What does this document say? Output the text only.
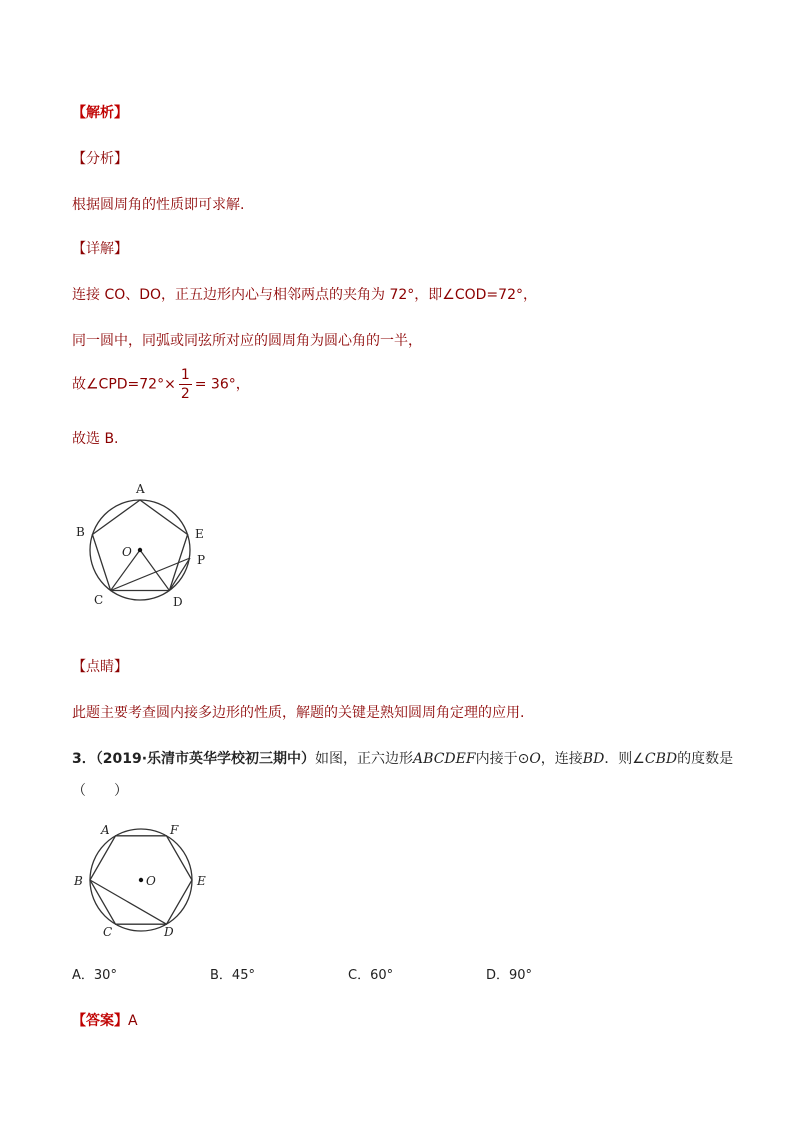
【解析】
【分析】
根据圆周角的性质即可求解.
【详解】
连接 CO、DO，正五边形内心与相邻两点的夹角为 72°，即∠COD=72°，
同一圆中，同弧或同弦所对应的圆周角为圆心角的一半，
故∠CPD=72°× $\frac{1}{2} = 36^\circ$，
故选 B.
A
B	E
O
P
C	D
【点睛】
此题主要考查圆内接多边形的性质，解题的关键是熟知圆周角定理的应用.
3．（2019·乐清市英华学校初三期中）如图，正六边形ABCDEF内接于⊙O，连接BD．则∠CBD的度数是
（　　）
A	F
B	O	E
C	D
A．30°	B．45°	C．60°	D．90°
【答案】A
